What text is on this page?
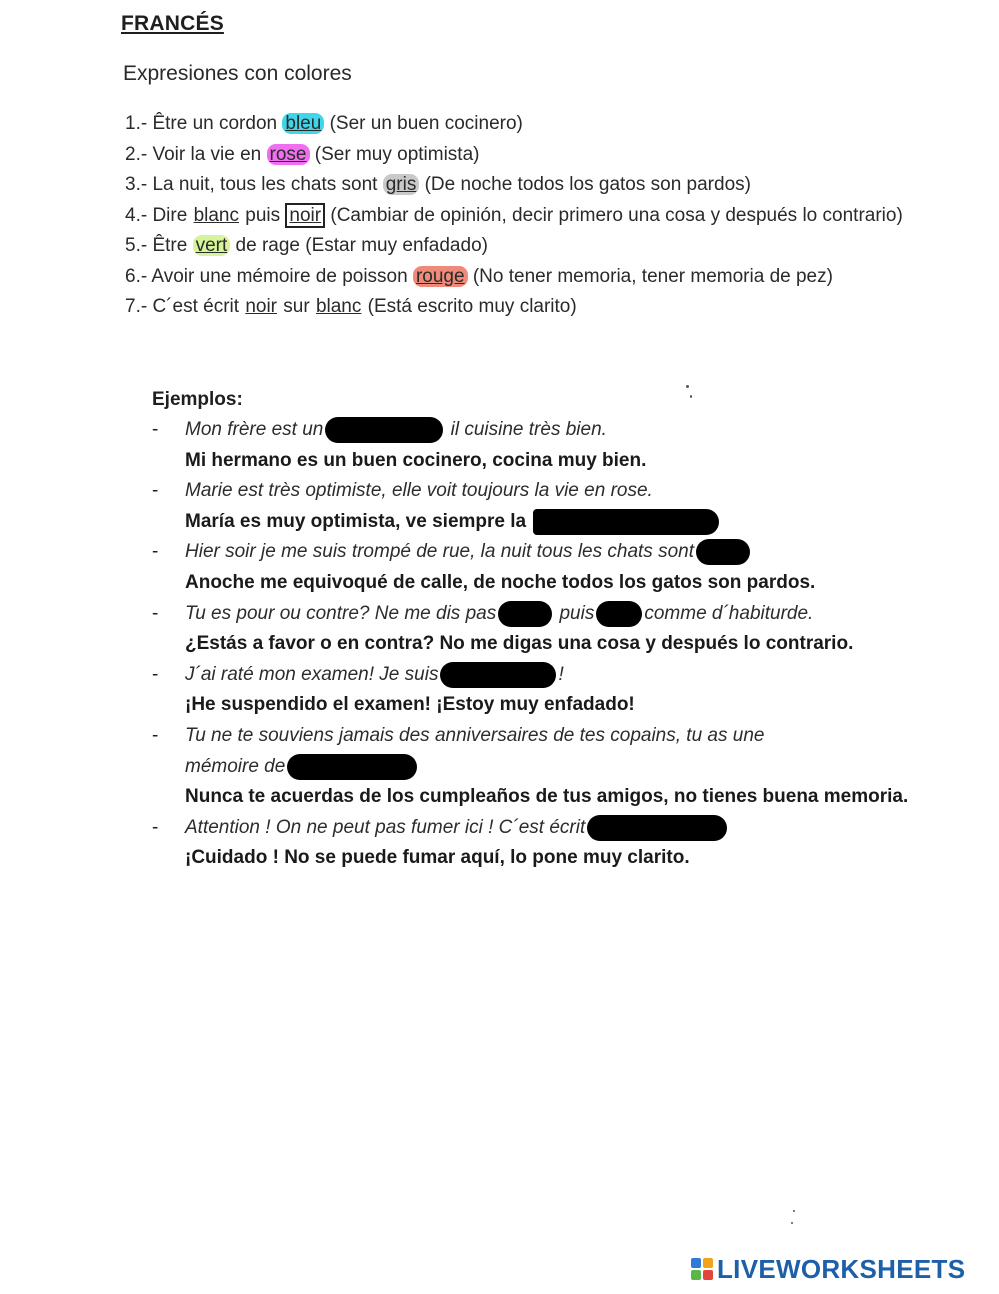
FRANCÉS
Expresiones con colores
1.- Être un cordon bleu (Ser un buen cocinero)
2.- Voir la vie en rose (Ser muy optimista)
3.- La nuit, tous les chats sont gris (De noche todos los gatos son pardos)
4.- Dire blanc puis noir (Cambiar de opinión, decir primero una cosa y después lo contrario)
5.- Être vert de rage (Estar muy enfadado)
6.- Avoir une mémoire de poisson rouge (No tener memoria, tener memoria de pez)
7.- C´est écrit noir sur blanc (Está escrito muy clarito)
Ejemplos:
- Mon frère est un	il cuisine très bien.
Mi hermano es un buen cocinero, cocina muy bien.
- Marie est très optimiste, elle voit toujours la vie en rose.
María es muy optimista, ve siempre la
- Hier soir je me suis trompé de rue, la nuit tous les chats sont
Anoche me equivoqué de calle, de noche todos los gatos son pardos.
- Tu es pour ou contre? Ne me dis pas	puis	comme d´habiturde.
¿Estás a favor o en contra? No me digas una cosa y después lo contrario.
- J´ai raté mon examen! Je suis	!
¡He suspendido el examen! ¡Estoy muy enfadado!
- Tu ne te souviens jamais des anniversaires de tes copains, tu as une
mémoire de
Nunca te acuerdas de los cumpleaños de tus amigos, no tienes buena memoria.
- Attention ! On ne peut pas fumer ici ! C´est écrit
¡Cuidado ! No se puede fumar aquí, lo pone muy clarito.
LIVEWORKSHEETS
